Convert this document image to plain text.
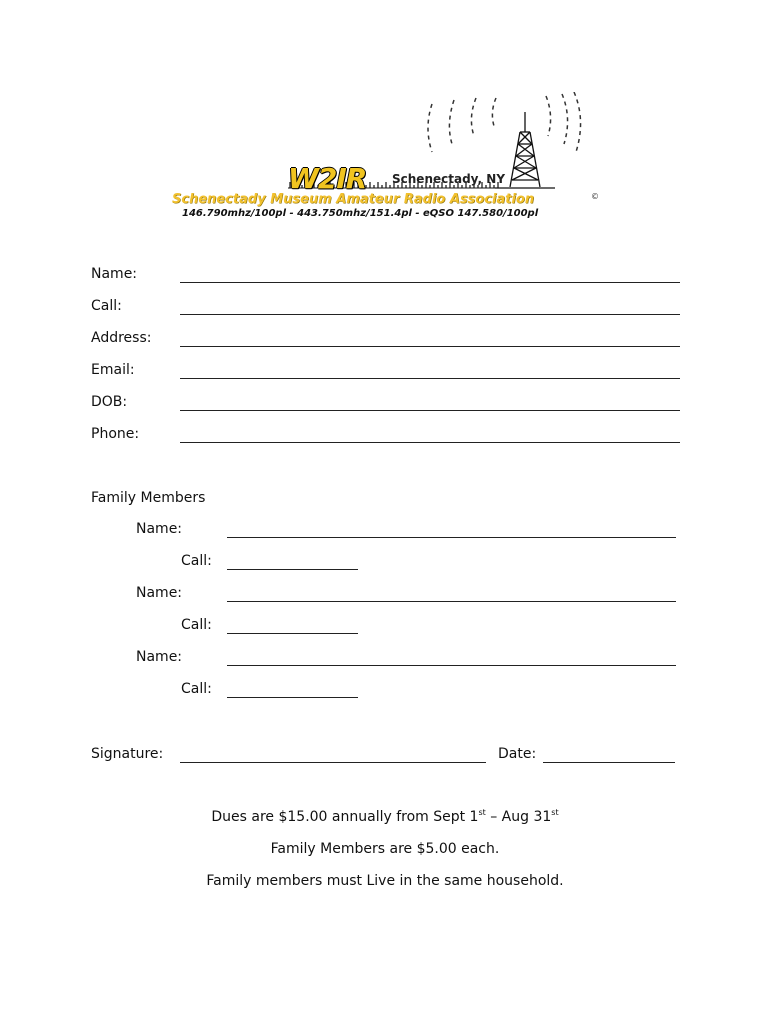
W2IR Schenectady, NY
Schenectady Museum Amateur Radio Association	©
146.790mhz/100pl - 443.750mhz/151.4pl - eQSO 147.580/100pl
Name:
Call:
Address:
Email:
DOB:
Phone:
Family Members
Name:
Call:
Name:
Call:
Name:
Call:
Signature:	Date:
Dues are $15.00 annually from Sept 1st – Aug 31st
Family Members are $5.00 each.
Family members must Live in the same household.
